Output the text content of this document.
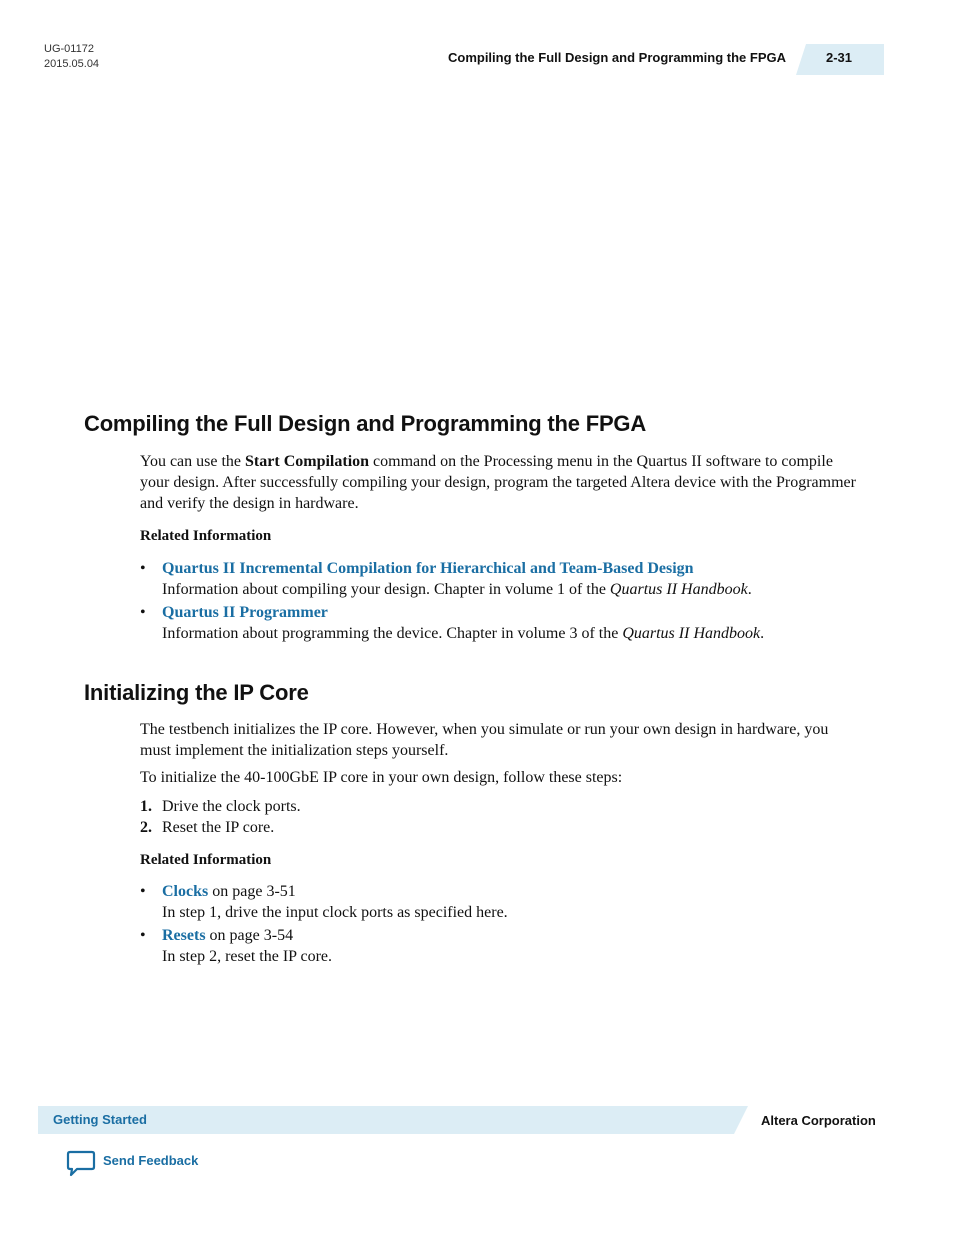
UG-01172
2015.05.04	Compiling the Full Design and Programming the FPGA	2-31
Compiling the Full Design and Programming the FPGA

You can use the Start Compilation command on the Processing menu in the Quartus II software to compile your design. After successfully compiling your design, program the targeted Altera device with the Programmer and verify the design in hardware.

Related Information
• Quartus II Incremental Compilation for Hierarchical and Team-Based Design
Information about compiling your design. Chapter in volume 1 of the Quartus II Handbook.
• Quartus II Programmer
Information about programming the device. Chapter in volume 3 of the Quartus II Handbook.
Initializing the IP Core

The testbench initializes the IP core. However, when you simulate or run your own design in hardware, you must implement the initialization steps yourself.

To initialize the 40-100GbE IP core in your own design, follow these steps:

1. Drive the clock ports.
2. Reset the IP core.
Related Information
• Clocks on page 3-51
In step 1, drive the input clock ports as specified here.
• Resets on page 3-54
In step 2, reset the IP core.
Getting Started	Altera Corporation
Send Feedback
